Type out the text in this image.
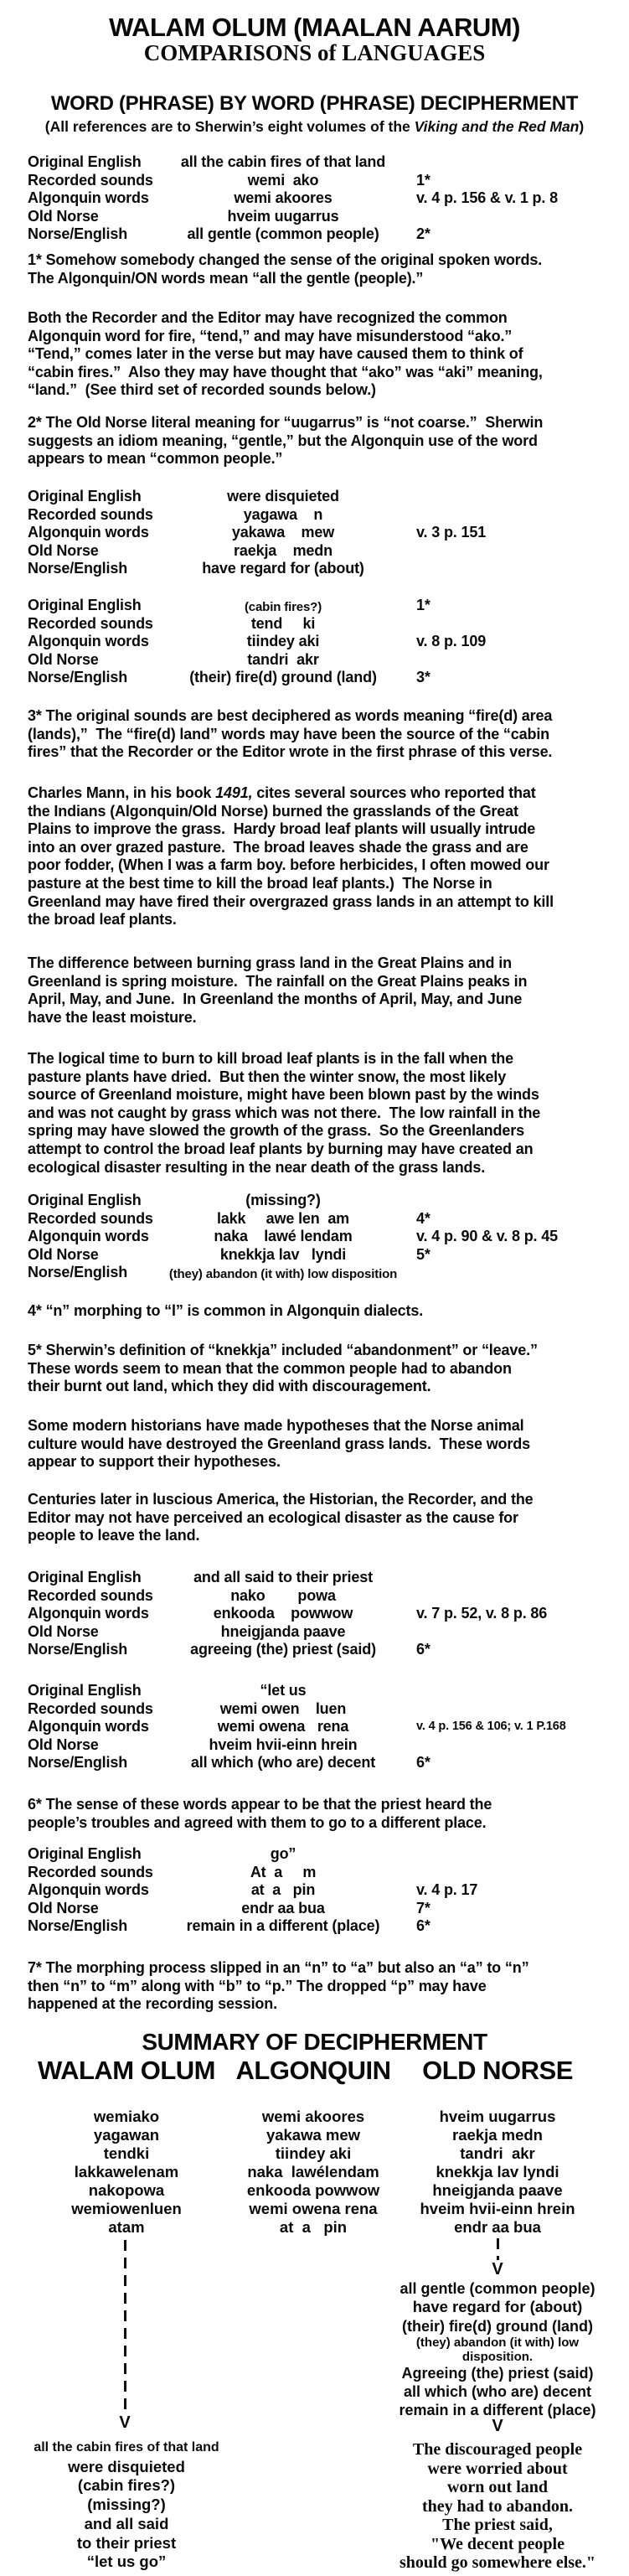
WALAM OLUM (MAALAN AARUM)
COMPARISONS of LANGUAGES
WORD (PHRASE) BY WORD (PHRASE) DECIPHERMENT
(All references are to Sherwin’s eight volumes of the Viking and the Red Man)
Original English	all the cabin fires of that land
Recorded sounds	wemi  ako	1*
Algonquin words	wemi akoores	v. 4 p. 156 & v. 1 p. 8
Old Norse	hveim uugarrus
Norse/English	all gentle (common people)	2*
1* Somehow somebody changed the sense of the original spoken words.
The Algonquin/ON words mean “all the gentle (people).”
Both the Recorder and the Editor may have recognized the common
Algonquin word for fire, “tend,” and may have misunderstood “ako.”
“Tend,” comes later in the verse but may have caused them to think of
“cabin fires.”  Also they may have thought that “ako” was “aki” meaning,
“land.”  (See third set of recorded sounds below.)
2* The Old Norse literal meaning for “uugarrus” is “not coarse.”  Sherwin
suggests an idiom meaning, “gentle,” but the Algonquin use of the word
appears to mean “common people.”
Original English	were disquieted
Recorded sounds	yagawa    n
Algonquin words	yakawa    mew	v. 3 p. 151
Old Norse	raekja    medn
Norse/English	have regard for (about)
Original English	(cabin fires?)	1*
Recorded sounds	tend     ki
Algonquin words	tiindey aki	v. 8 p. 109
Old Norse	tandri  akr
Norse/English	(their) fire(d) ground (land)	3*
3* The original sounds are best deciphered as words meaning “fire(d) area
(lands),”  The “fire(d) land” words may have been the source of the “cabin
fires” that the Recorder or the Editor wrote in the first phrase of this verse.
Charles Mann, in his book 1491, cites several sources who reported that
the Indians (Algonquin/Old Norse) burned the grasslands of the Great
Plains to improve the grass.  Hardy broad leaf plants will usually intrude
into an over grazed pasture.  The broad leaves shade the grass and are
poor fodder, (When I was a farm boy. before herbicides, I often mowed our
pasture at the best time to kill the broad leaf plants.)  The Norse in
Greenland may have fired their overgrazed grass lands in an attempt to kill
the broad leaf plants.
The difference between burning grass land in the Great Plains and in
Greenland is spring moisture.  The rainfall on the Great Plains peaks in
April, May, and June.  In Greenland the months of April, May, and June
have the least moisture.
The logical time to burn to kill broad leaf plants is in the fall when the
pasture plants have dried.  But then the winter snow, the most likely
source of Greenland moisture, might have been blown past by the winds
and was not caught by grass which was not there.  The low rainfall in the
spring may have slowed the growth of the grass.  So the Greenlanders
attempt to control the broad leaf plants by burning may have created an
ecological disaster resulting in the near death of the grass lands.
Original English	(missing?)
Recorded sounds	lakk     awe len  am	4*
Algonquin words	naka    lawé lendam	v. 4 p. 90 & v. 8 p. 45
Old Norse	knekkja lav   lyndi	5*
Norse/English	(they) abandon (it with) low disposition
4* “n” morphing to “l” is common in Algonquin dialects.
5* Sherwin’s definition of “knekkja” included “abandonment” or “leave.”
These words seem to mean that the common people had to abandon
their burnt out land, which they did with discouragement.
Some modern historians have made hypotheses that the Norse animal
culture would have destroyed the Greenland grass lands.  These words
appear to support their hypotheses.
Centuries later in luscious America, the Historian, the Recorder, and the
Editor may not have perceived an ecological disaster as the cause for
people to leave the land.
Original English	and all said to their priest
Recorded sounds	nako        powa
Algonquin words	enkooda    powwow	v. 7 p. 52, v. 8 p. 86
Old Norse	hneigjanda paave
Norse/English	agreeing (the) priest (said)	6*
Original English	“let us
Recorded sounds	wemi owen    luen
Algonquin words	wemi owena   rena	v. 4 p. 156 & 106; v. 1 P.168
Old Norse	hveim hvii-einn hrein
Norse/English	all which (who are) decent	6*
6* The sense of these words appear to be that the priest heard the
people’s troubles and agreed with them to go to a different place.
Original English	go”
Recorded sounds	At  a     m
Algonquin words	at  a   pin	v. 4 p. 17
Old Norse	endr aa bua	7*
Norse/English	remain in a different (place)	6*
7* The morphing process slipped in an “n” to “a” but also an “a” to “n”
then “n” to “m” along with “b” to “p.” The dropped “p” may have
happened at the recording session.
SUMMARY OF DECIPHERMENT
WALAM OLUM ALGONQUIN OLD NORSE
wemiako	wemi akoores	hveim uugarrus
yagawan	yakawa mew	raekja medn
tendki	tiindey aki	tandri  akr
lakkawelenam	naka  lawélendam	knekkja lav lyndi
nakopowa	enkooda powwow	hneigjanda paave
wemiowenluen	wemi owena rena	hveim hvii-einn hrein
atam	at  a   pin	endr aa bua
V
V
all gentle (common people)
have regard for (about)
(their) fire(d) ground (land)
(they) abandon (it with) low
disposition.
Agreeing (the) priest (said)
all which (who are) decent
remain in a different (place)
V
all the cabin fires of that land
were disquieted
(cabin fires?)
(missing?)
and all said
to their priest
“let us go”
The discouraged people
were worried about
worn out land
they had to abandon.
The priest said,
"We decent people
should go somewhere else."
